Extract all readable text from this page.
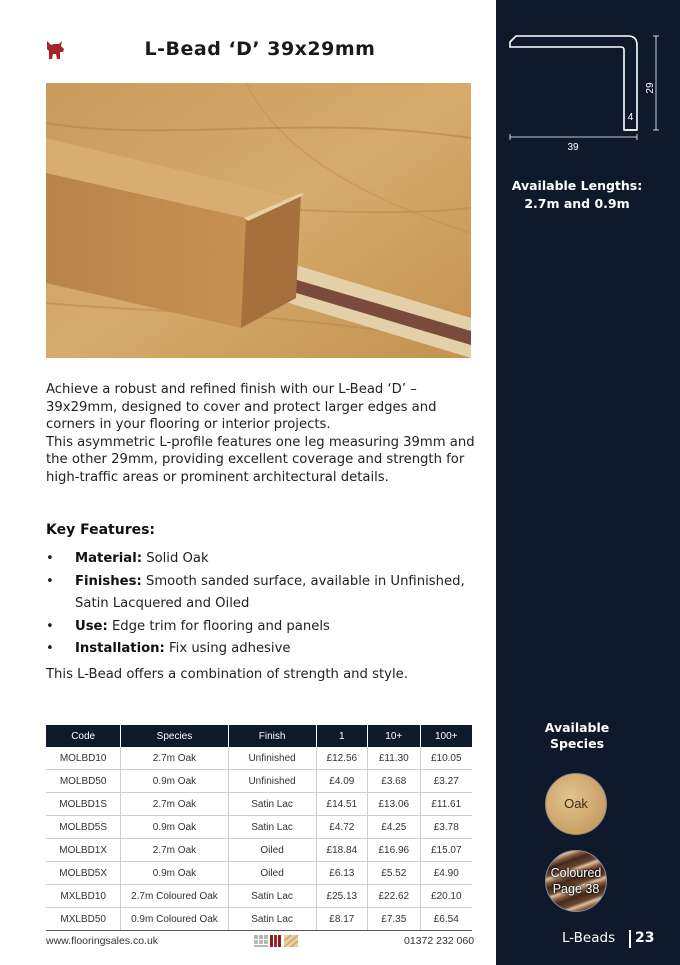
L-Bead ‘D’ 39x29mm

Achieve a robust and refined finish with our L-Bead ‘D’ – 39x29mm, designed to cover and protect larger edges and corners in your flooring or interior projects.

This asymmetric L-profile features one leg measuring 39mm and the other 29mm, providing excellent coverage and strength for high-traffic areas or prominent architectural details.

Key Features:
• Material: Solid Oak
• Finishes: Smooth sanded surface, available in Unfinished, Satin Lacquered and Oiled
• Use: Edge trim for flooring and panels
• Installation: Fix using adhesive
This L-Bead offers a combination of strength and style.
Code	Species	Finish	1	10+	100+
MOLBD10	2.7m Oak	Unfinished	£12.56	£11.30	£10.05
MOLBD50	0.9m Oak	Unfinished	£4.09	£3.68	£3.27
MOLBD1S	2.7m Oak	Satin Lac	£14.51	£13.06	£11.61
MOLBD5S	0.9m Oak	Satin Lac	£4.72	£4.25	£3.78
MOLBD1X	2.7m Oak	Oiled	£18.84	£16.96	£15.07
MOLBD5X	0.9m Oak	Oiled	£6.13	£5.52	£4.90
MXLBD10	2.7m Coloured Oak	Satin Lac	£25.13	£22.62	£20.10
MXLBD50	0.9m Coloured Oak	Satin Lac	£8.17	£7.35	£6.54
www.flooringsales.co.uk	01372 232 060
39
29
4
Available Lengths:
2.7m and 0.9m
Available
Species
Oak
Coloured
Page 38
L-Beads 23
